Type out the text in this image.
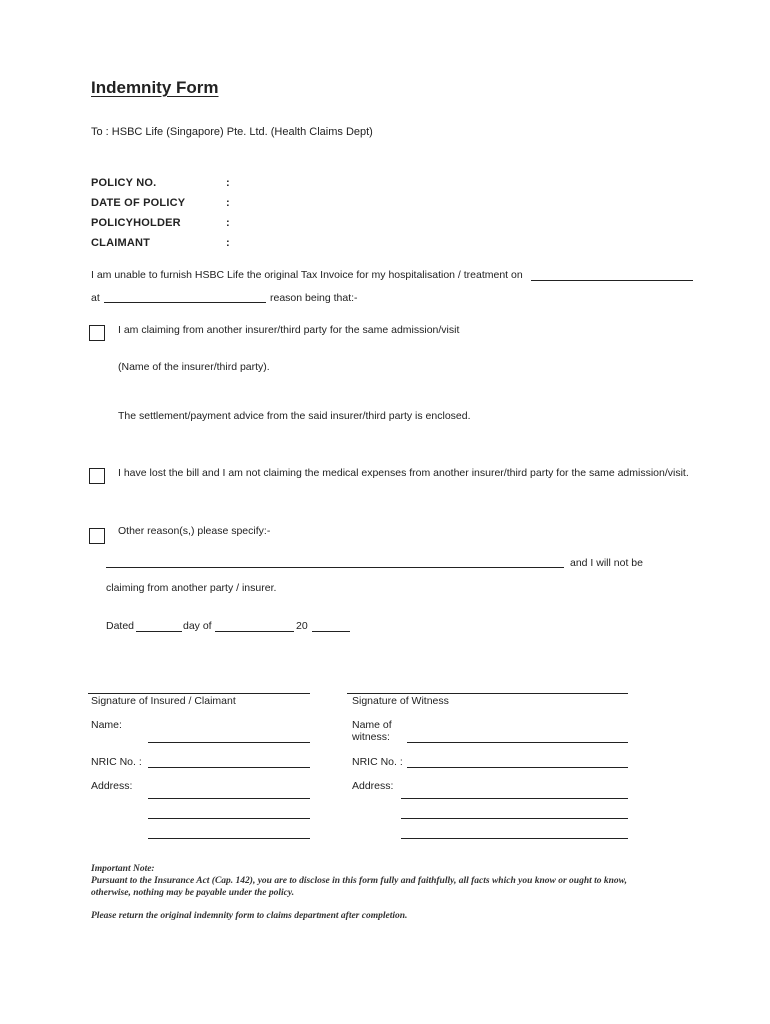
Indemnity Form
To : HSBC Life (Singapore) Pte. Ltd. (Health Claims Dept)
POLICY NO.	:
DATE OF POLICY	:
POLICYHOLDER	:
CLAIMANT	:
I am unable to furnish HSBC Life the original Tax Invoice for my hospitalisation / treatment on
at	reason being that:-
I am claiming from another insurer/third party for the same admission/visit
(Name of the insurer/third party).
The settlement/payment advice from the said insurer/third party is enclosed.
I have lost the bill and I am not claiming the medical expenses from another insurer/third party for the same admission/visit.
Other reason(s,) please specify:-
and I will not be
claiming from another party / insurer.
Dated	day of	20
Signature of Insured / Claimant
Name:
NRIC No. :
Address:
Signature of Witness
Name of
witness:
NRIC No. :
Address:
Important Note:
Pursuant to the Insurance Act (Cap. 142), you are to disclose in this form fully and faithfully, all facts which you know or ought to know,
otherwise, nothing may be payable under the policy.
Please return the original indemnity form to claims department after completion.
